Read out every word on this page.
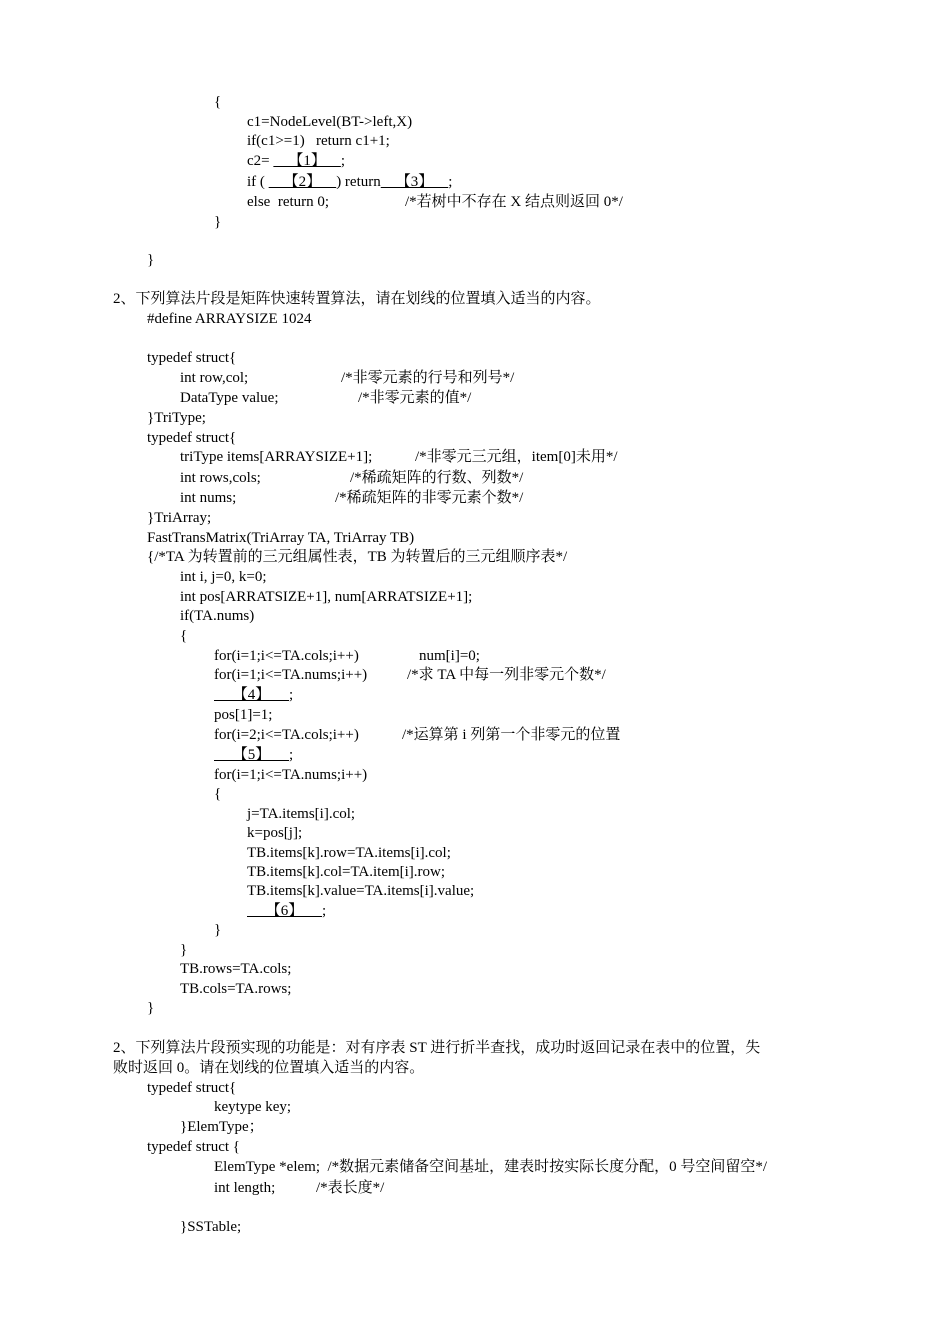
{
c1=NodeLevel(BT->left,X)
if(c1>=1)   return c1+1;
c2=     【1】    ;
if (     【2】    ) return    【3】    ;
else  return 0;	/*若树中不存在 X 结点则返回 0*/
}
}
2、下列算法片段是矩阵快速转置算法，请在划线的位置填入适当的内容。
#define ARRAYSIZE 1024
typedef struct{
int row,col;	/*非零元素的行号和列号*/
DataType value;	/*非零元素的值*/
}TriType;
typedef struct{
triType items[ARRAYSIZE+1];	/*非零元三元组，item[0]未用*/
int rows,cols;	/*稀疏矩阵的行数、列数*/
int nums;	/*稀疏矩阵的非零元素个数*/
}TriArray;
FastTransMatrix(TriArray TA, TriArray TB)
{/*TA 为转置前的三元组属性表，TB 为转置后的三元组顺序表*/
int i, j=0, k=0;
int pos[ARRATSIZE+1], num[ARRATSIZE+1];
if(TA.nums)
{
for(i=1;i<=TA.cols;i++)	num[i]=0;
for(i=1;i<=TA.nums;i++)	/*求 TA 中每一列非零元个数*/
【4】     ;
pos[1]=1;
for(i=2;i<=TA.cols;i++)	/*运算第 i 列第一个非零元的位置
【5】     ;
for(i=1;i<=TA.nums;i++)
{
j=TA.items[i].col;
k=pos[j];
TB.items[k].row=TA.items[i].col;
TB.items[k].col=TA.item[i].row;
TB.items[k].value=TA.items[i].value;
【6】     ;
}
}
TB.rows=TA.cols;
TB.cols=TA.rows;
}
2、下列算法片段预实现的功能是：对有序表 ST 进行折半查找，成功时返回记录在表中的位置，失
败时返回 0。请在划线的位置填入适当的内容。
typedef struct{
keytype key;
}ElemType；
typedef struct {
ElemType *elem;  /*数据元素储备空间基址，建表时按实际长度分配，0 号空间留空*/
int length;	/*表长度*/
}SSTable;
